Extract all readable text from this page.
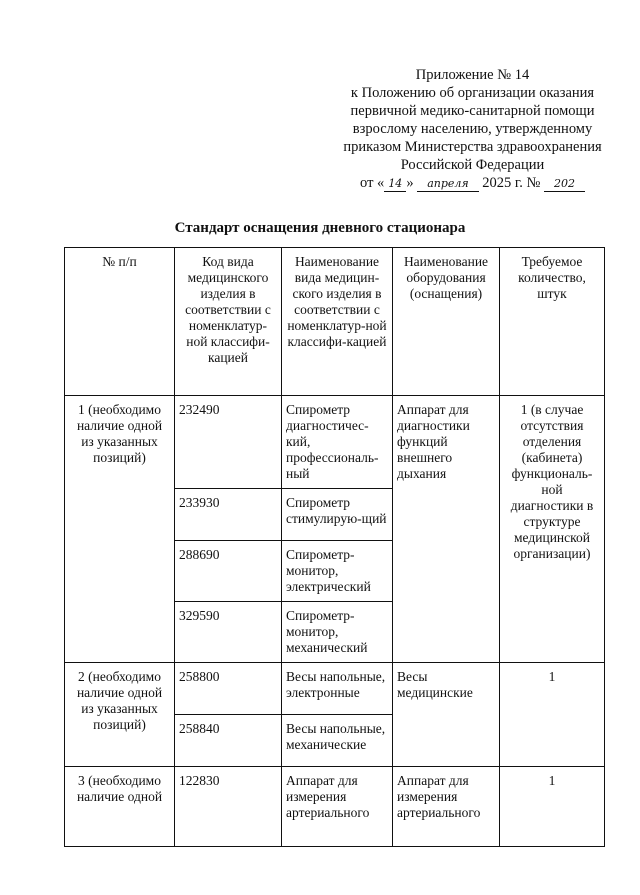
Приложение № 14
к Положению об организации оказания
первичной медико-санитарной помощи
взрослому населению, утвержденному
приказом Министерства здравоохранения
Российской Федерации
от « 14 » апреля 2025 г. № 202
Стандарт оснащения дневного стационара
№ п/п	Код вида медицинского изделия в соответствии с номенклатур-ной классифи-кацией	Наименование вида медицин-ского изделия в соответствии с номенклатур-ной классифи-кацией	Наименование оборудования (оснащения)	Требуемое количество, штук
1 (необходимо наличие одной из указанных позиций)	232490	Спирометр диагностичес-кий, профессиональ-ный	Аппарат для диагностики функций внешнего дыхания	1 (в случае отсутствия отделения (кабинета) функциональ-ной диагностики в структуре медицинской организации)
	233930	Спирометр стимулирую-щий		
	288690	Спирометр-монитор, электрический		
	329590	Спирометр-монитор, механический		
2 (необходимо наличие одной из указанных позиций)	258800	Весы напольные, электронные	Весы медицинские	1
	258840	Весы напольные, механические		
3 (необходимо наличие одной	122830	Аппарат для измерения артериального	Аппарат для измерения артериального	1
